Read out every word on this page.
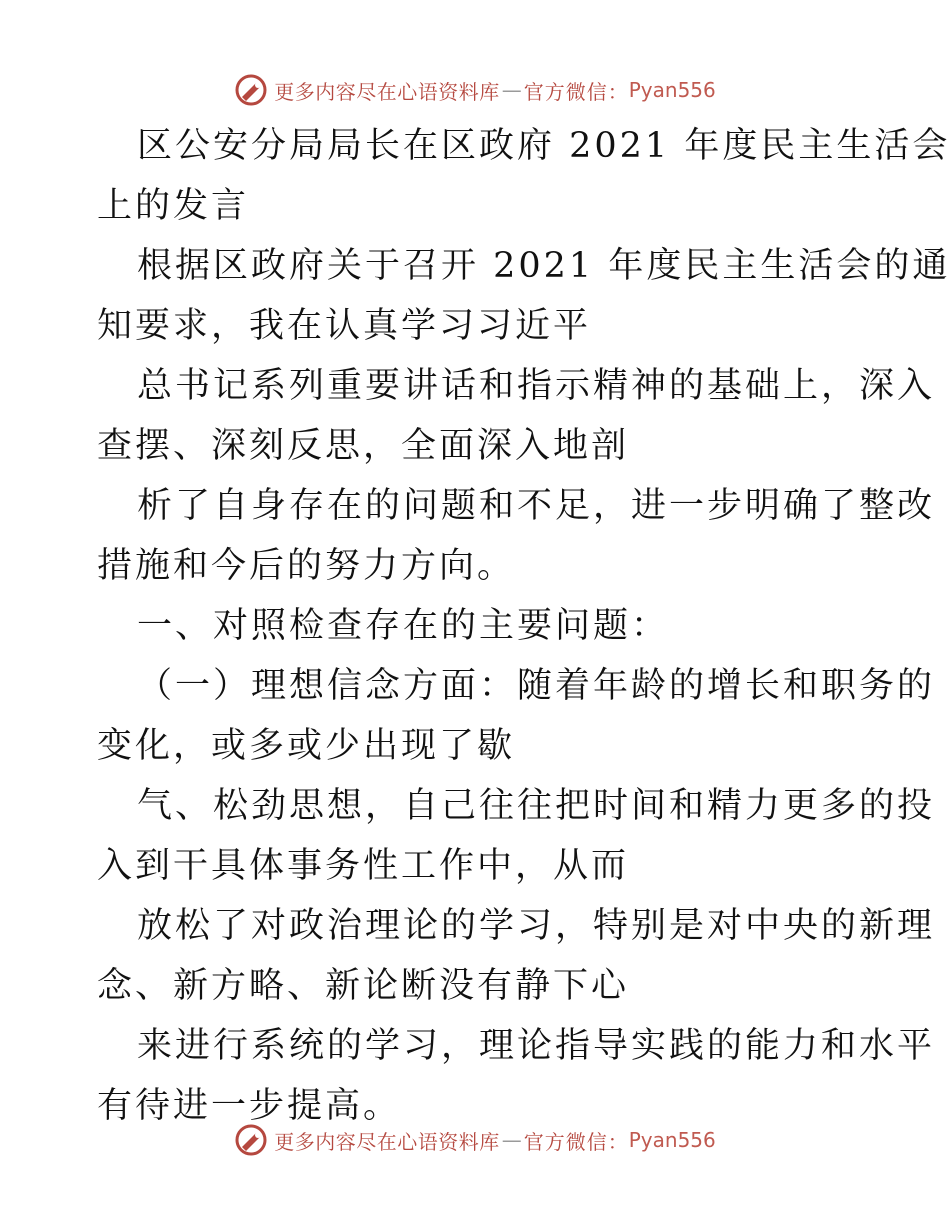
更多内容尽在心语资料库 — 官方微信： Pyan556
区公安分局局长在区政府 2021 年度民主生活会
上的发言
根据区政府关于召开 2021 年度民主生活会的通
知要求，我在认真学习习近平
总书记系列重要讲话和指示精神的基础上，深入
查摆、深刻反思，全面深入地剖
析了自身存在的问题和不足，进一步明确了整改
措施和今后的努力方向。
一、对照检查存在的主要问题：
（一）理想信念方面：随着年龄的增长和职务的
变化，或多或少出现了歇
气、松劲思想，自己往往把时间和精力更多的投
入到干具体事务性工作中，从而
放松了对政治理论的学习，特别是对中央的新理
念、新方略、新论断没有静下心
来进行系统的学习，理论指导实践的能力和水平
有待进一步提高。
更多内容尽在心语资料库 — 官方微信： Pyan556
